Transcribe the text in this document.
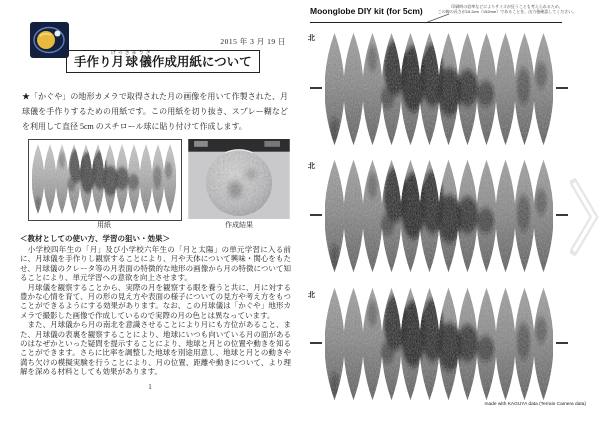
2015 年 3 月 19 日
手作り月球儀げっきゅうぎ作成用紙について
★「かぐや」の地形カメラで取得された月の画像を用いて作製された、月球儀を手作りするための用紙です。この用紙を切り抜き、スプレー糊などを利用して直径 5cm のスチロール球に貼り付けて作成します。
用紙	作成結果
＜教材としての使い方、学習の狙い・効果＞

　小学校四年生の「月」及び小学校六年生の「月と太陽」の単元学習に入る前に、月球儀を手作りし観察することにより、月や天体について興味・関心をもたせ、月球儀のクレータ等の月表面の特徴的な地形の画像から月の特徴について知ることにより、単元学習への意欲を向上させます。

　月球儀を観察することから、実際の月を観察する眼を養うと共に、月に対する豊かな心情を育て、月の形の見え方や表面の様子についての見方や考え方をもつことができるようにする効果があります。なお、この月球儀は「かぐや」地形カメラで撮影した画像で作成しているので実際の月の色とは異なっています。

　また、月球儀から月の南北を意識させることにより月にも方位があること、また、月球儀の表裏を観察することにより、地球にいつも向いている月の面があるのはなぜかといった疑問を提示することにより、地球と月との位置や動きを知ることができます。さらに比率を調整した地球を別途用意し、地球と月との動きや満ち欠けの模擬実験を行うことにより、月の位置、距離や動きについて、より理解を深める材料としても効果があります。

1
Moonglobe DIY kit (for 5cm)	印刷時の倍率などによりサイズが狂うことも考えられるため、
この線の長さが15.2cm（152mm）であることを、出力後確認してください。
北
北
北
made with KAGUYA data (Terrain Camera data)
